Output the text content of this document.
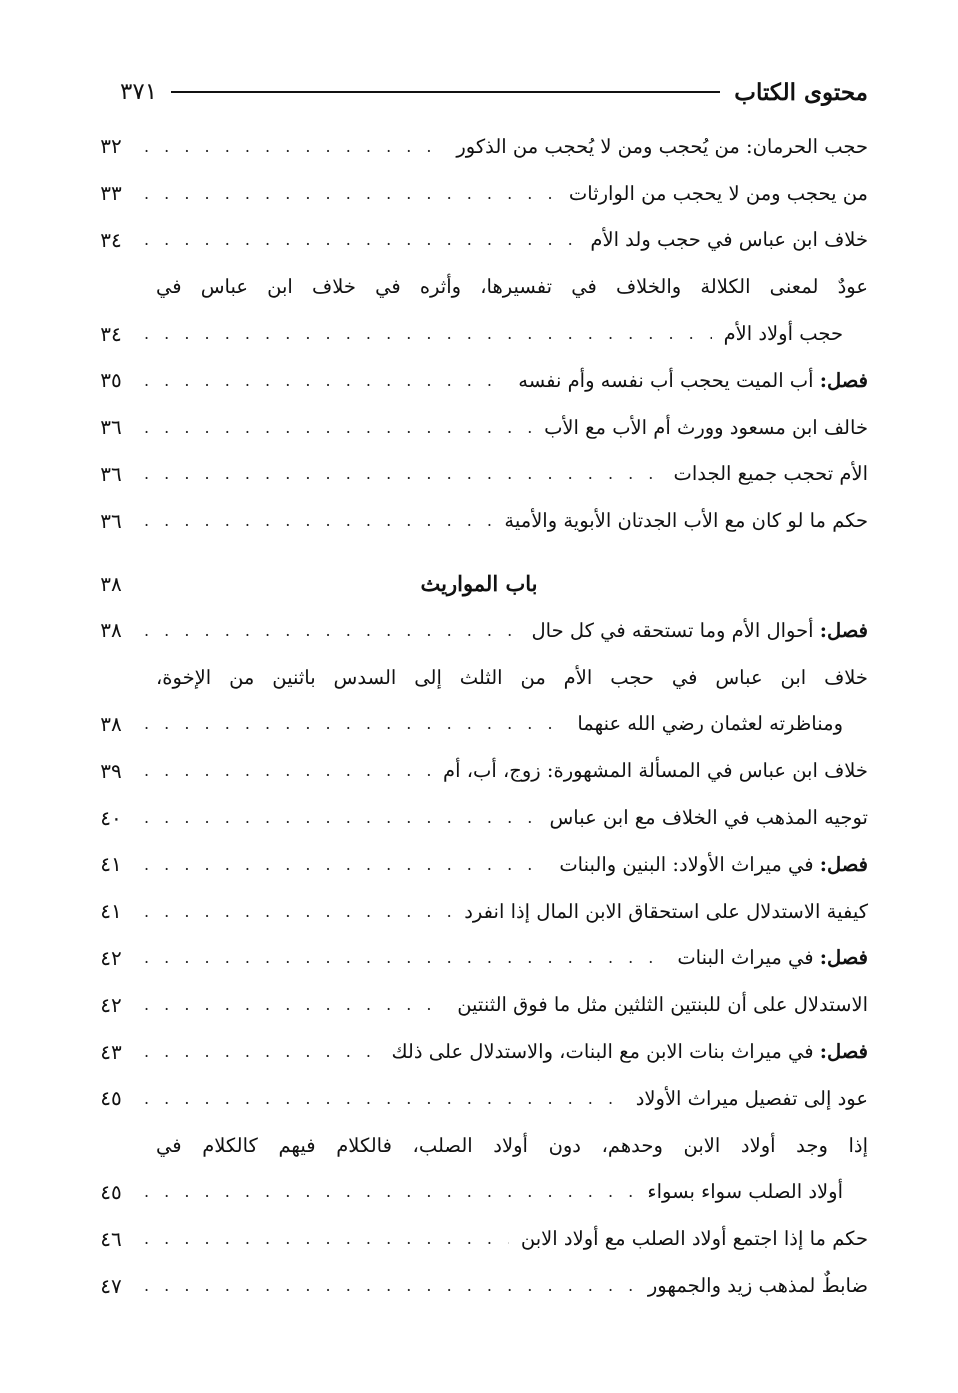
محتوى الكتاب
٣٧١
حجب الحرمان: من يُحجب ومن لا يُحجب من الذكور
. . .
٣٢
من يحجب ومن لا يحجب من الوارثات
. . .
٣٣
خلاف ابن عباس في حجب ولد الأم
. . .
٣٤
عودٌ لمعنى الكلالة والخلاف في تفسيرها، وأثره في خلاف ابن عباس في
حجب أولاد الأم
. . .
٣٤
فصل: أب الميت يحجب أب نفسه وأم نفسه
. . .
٣٥
خالف ابن مسعود وورث أم الأب مع الأب
. . .
٣٦
الأم تحجب جميع الجدات
. . .
٣٦
حكم ما لو كان مع الأب الجدتان الأبوية والأمية
. . .
٣٦
باب المواريث
٣٨
فصل: أحوال الأم وما تستحقه في كل حال
. . .
٣٨
خلاف ابن عباس في حجب الأم من الثلث إلى السدس باثنين من الإخوة،
ومناظرته لعثمان رضي الله عنهما
. . .
٣٨
خلاف ابن عباس في المسألة المشهورة: زوج، أب، أم
. . .
٣٩
توجيه المذهب في الخلاف مع ابن عباس
. . .
٤٠
فصل: في ميراث الأولاد: البنين والبنات
. . .
٤١
كيفية الاستدلال على استحقاق الابن المال إذا انفرد
. . .
٤١
فصل: في ميراث البنات
. . .
٤٢
الاستدلال على أن للبنتين الثلثين مثل ما فوق الثنتين
. . .
٤٢
فصل: في ميراث بنات الابن مع البنات، والاستدلال على ذلك
. . .
٤٣
عود إلى تفصيل ميراث الأولاد
. . .
٤٥
إذا وجد أولاد الابن وحدهم، دون أولاد الصلب، فالكلام فيهم كالكلام في
أولاد الصلب سواء بسواء
. . .
٤٥
حكم ما إذا اجتمع أولاد الصلب مع أولاد الابن
. . .
٤٦
ضابطٌ لمذهب زيد والجمهور
. . .
٤٧
